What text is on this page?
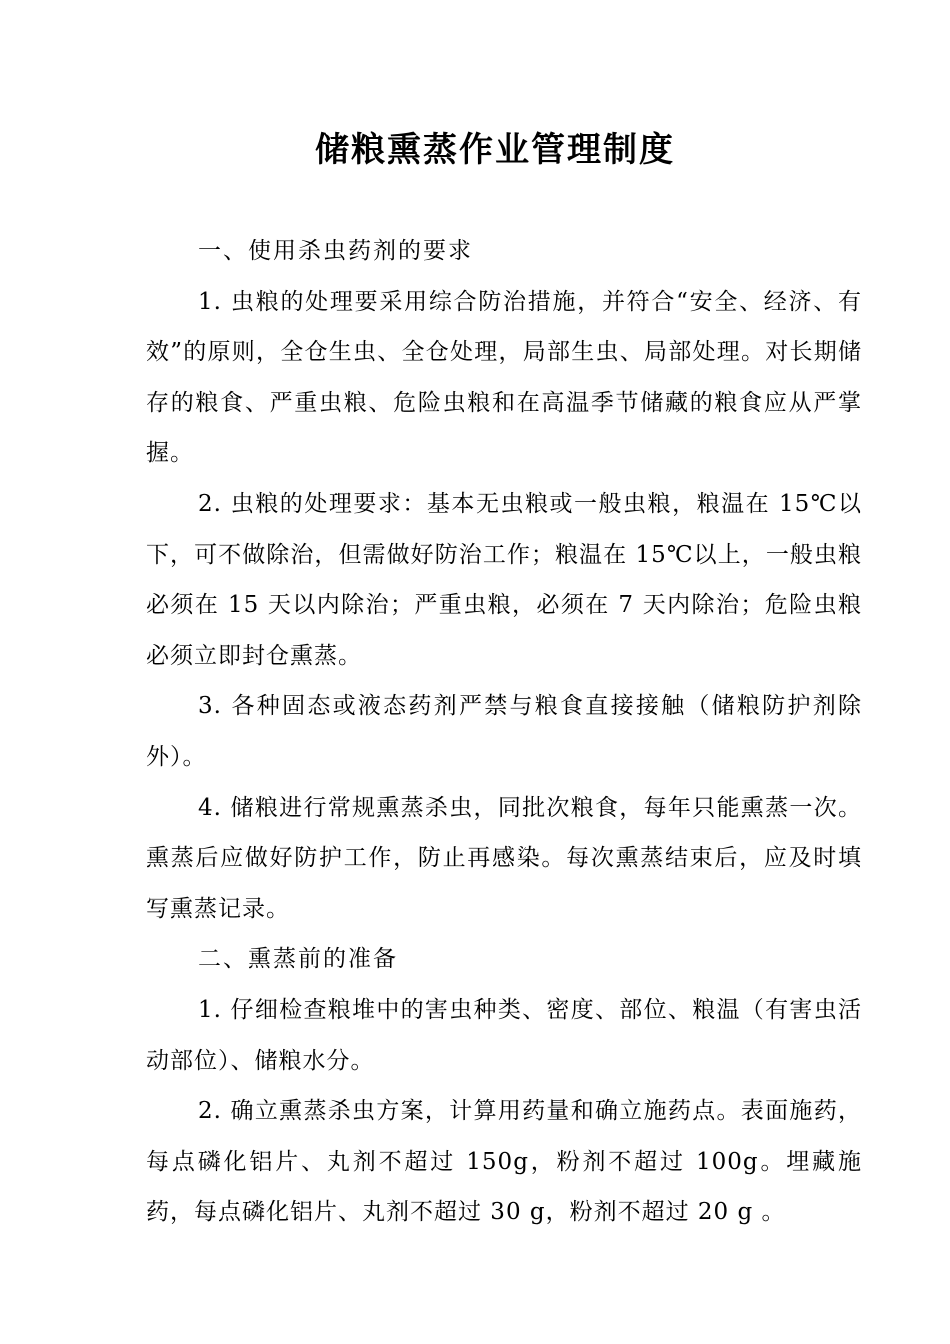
储粮熏蒸作业管理制度

一、使用杀虫药剂的要求

1. 虫粮的处理要采用综合防治措施，并符合“安全、经济、有效”的原则，全仓生虫、全仓处理，局部生虫、局部处理。对长期储存的粮食、严重虫粮、危险虫粮和在高温季节储藏的粮食应从严掌握。

2. 虫粮的处理要求：基本无虫粮或一般虫粮，粮温在 15℃以下，可不做除治，但需做好防治工作；粮温在 15℃以上，一般虫粮必须在 15 天以内除治；严重虫粮，必须在 7 天内除治；危险虫粮必须立即封仓熏蒸。

3. 各种固态或液态药剂严禁与粮食直接接触（储粮防护剂除外）。

4. 储粮进行常规熏蒸杀虫，同批次粮食，每年只能熏蒸一次。熏蒸后应做好防护工作，防止再感染。每次熏蒸结束后，应及时填写熏蒸记录。

二、熏蒸前的准备

1. 仔细检查粮堆中的害虫种类、密度、部位、粮温（有害虫活动部位）、储粮水分。

2. 确立熏蒸杀虫方案，计算用药量和确立施药点。表面施药，每点磷化铝片、丸剂不超过 150g，粉剂不超过 100g。埋藏施药，每点磷化铝片、丸剂不超过 30 g，粉剂不超过 20 g 。
